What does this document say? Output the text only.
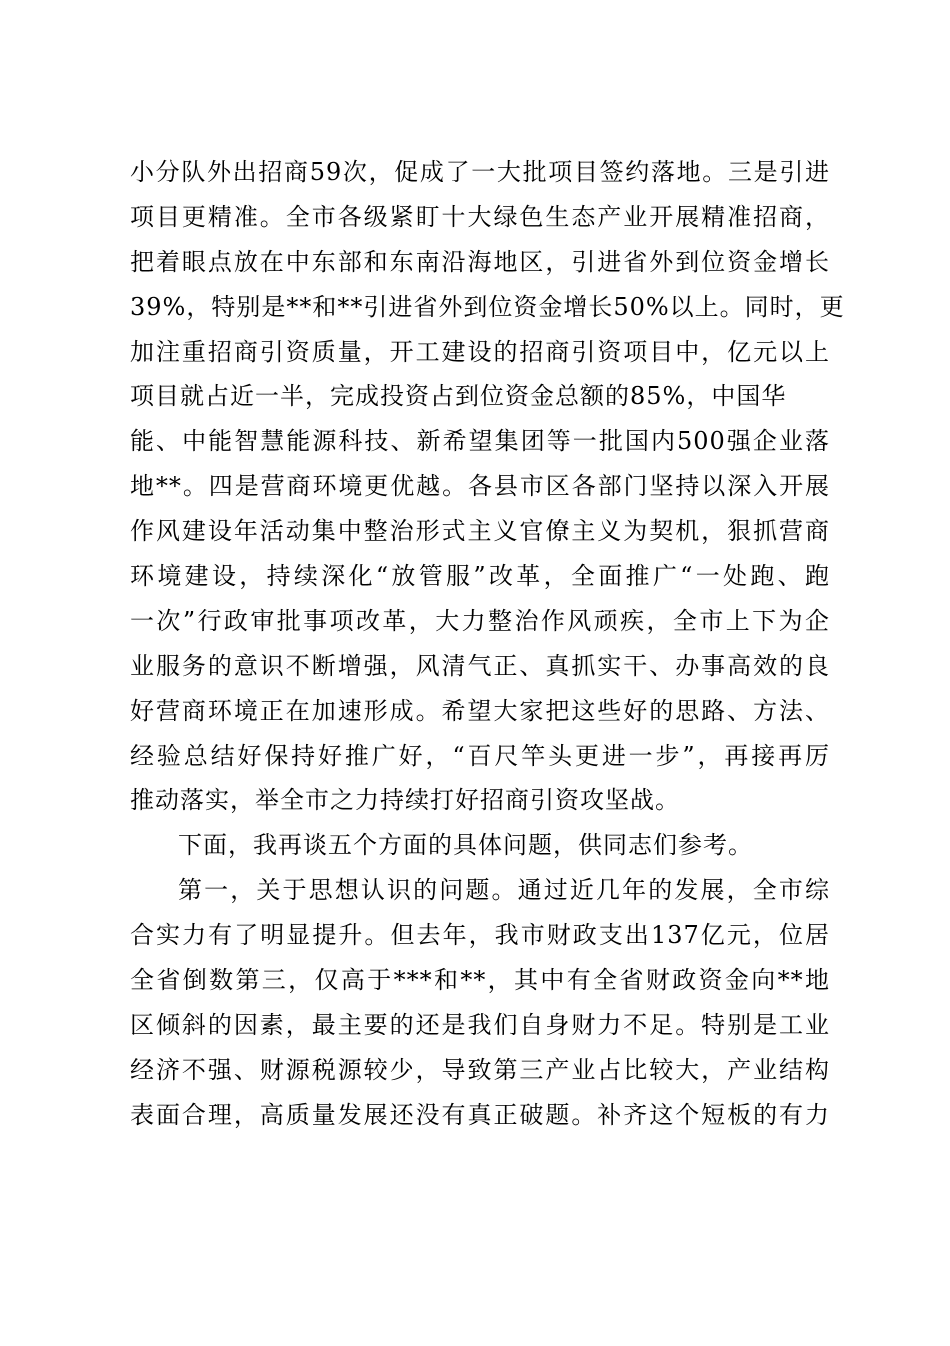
小分队外出招商59次，促成了一大批项目签约落地。三是引进
项目更精准。全市各级紧盯十大绿色生态产业开展精准招商，
把着眼点放在中东部和东南沿海地区，引进省外到位资金增长
39%，特别是**和**引进省外到位资金增长50%以上。同时，更
加注重招商引资质量，开工建设的招商引资项目中，亿元以上
项目就占近一半，完成投资占到位资金总额的85%，中国华
能、中能智慧能源科技、新希望集团等一批国内500强企业落
地**。四是营商环境更优越。各县市区各部门坚持以深入开展
作风建设年活动集中整治形式主义官僚主义为契机，狠抓营商
环境建设，持续深化“放管服”改革，全面推广“一处跑、跑
一次”行政审批事项改革，大力整治作风顽疾，全市上下为企
业服务的意识不断增强，风清气正、真抓实干、办事高效的良
好营商环境正在加速形成。希望大家把这些好的思路、方法、
经验总结好保持好推广好，“百尺竿头更进一步”，再接再厉
推动落实，举全市之力持续打好招商引资攻坚战。
下面，我再谈五个方面的具体问题，供同志们参考。
第一，关于思想认识的问题。通过近几年的发展，全市综
合实力有了明显提升。但去年，我市财政支出137亿元，位居
全省倒数第三，仅高于***和**，其中有全省财政资金向**地
区倾斜的因素，最主要的还是我们自身财力不足。特别是工业
经济不强、财源税源较少，导致第三产业占比较大，产业结构
表面合理，高质量发展还没有真正破题。补齐这个短板的有力
